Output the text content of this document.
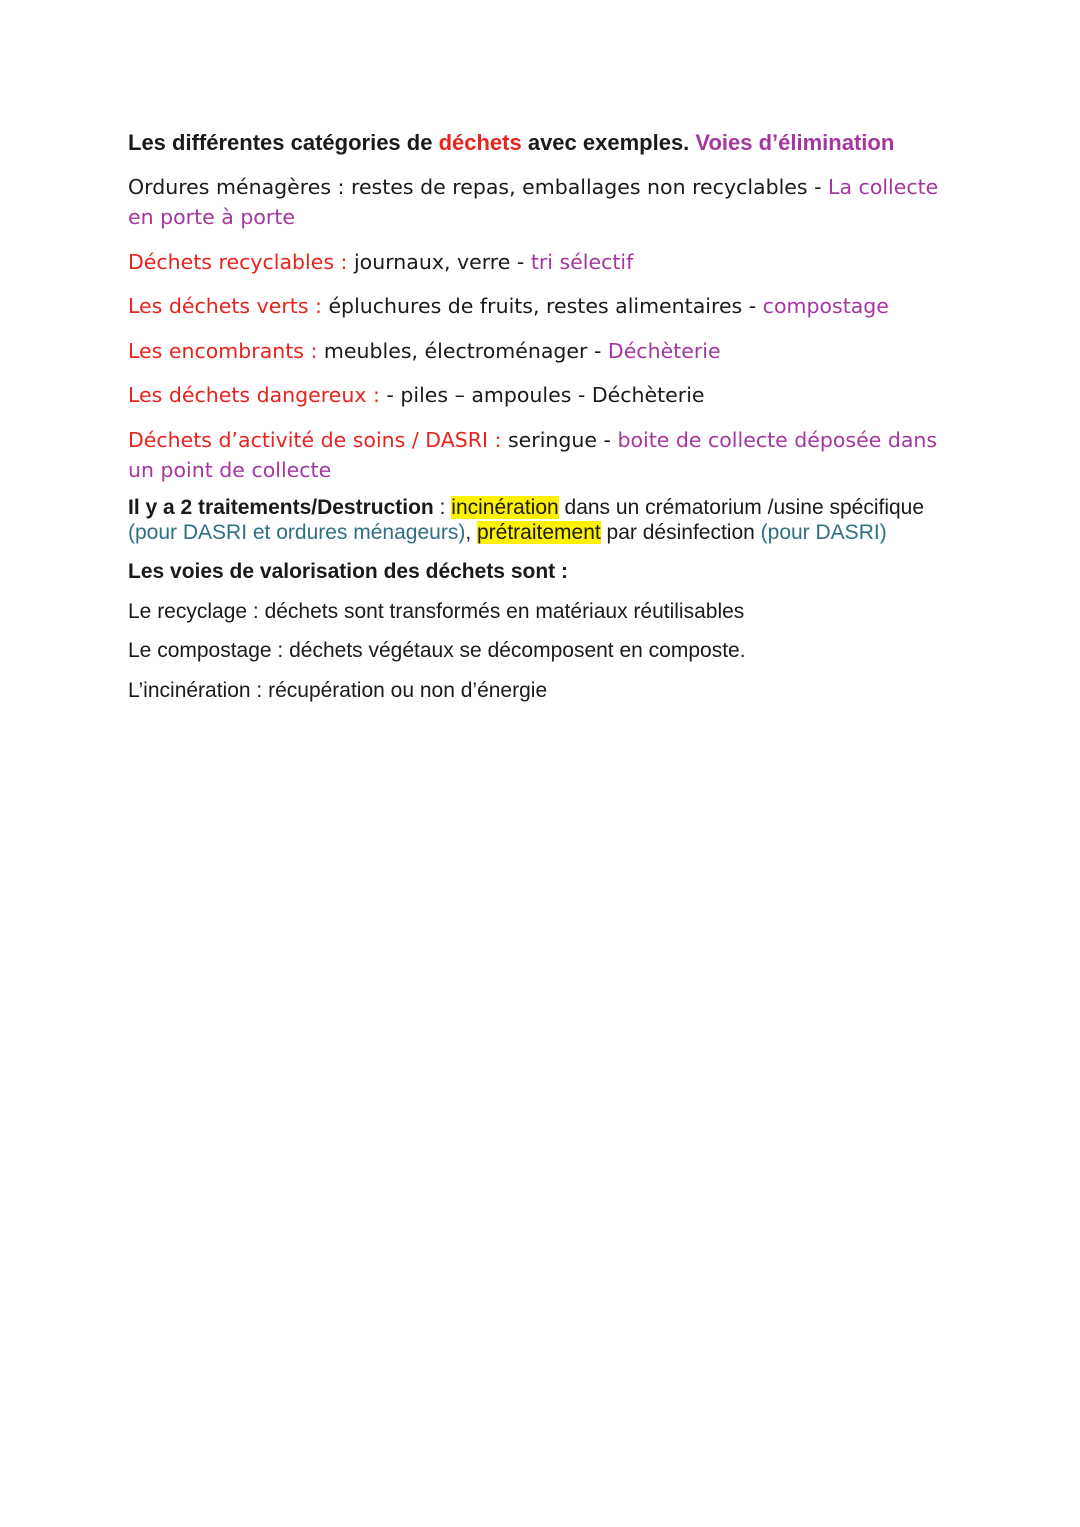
Les différentes catégories de déchets avec exemples. Voies d’élimination

Ordures ménagères : restes de repas, emballages non recyclables - La collecte en porte à porte

Déchets recyclables : journaux, verre - tri sélectif

Les déchets verts : épluchures de fruits, restes alimentaires - compostage

Les encombrants : meubles, électroménager - Déchèterie

Les déchets dangereux : - piles – ampoules - Déchèterie

Déchets d’activité de soins / DASRI : seringue - boite de collecte déposée dans un point de collecte

Il y a 2 traitements/Destruction : incinération dans un crématorium /usine spécifique (pour DASRI et ordures ménageurs), prétraitement par désinfection (pour DASRI)

Les voies de valorisation des déchets sont :

Le recyclage : déchets sont transformés en matériaux réutilisables

Le compostage : déchets végétaux se décomposent en composte.

L’incinération : récupération ou non d’énergie
